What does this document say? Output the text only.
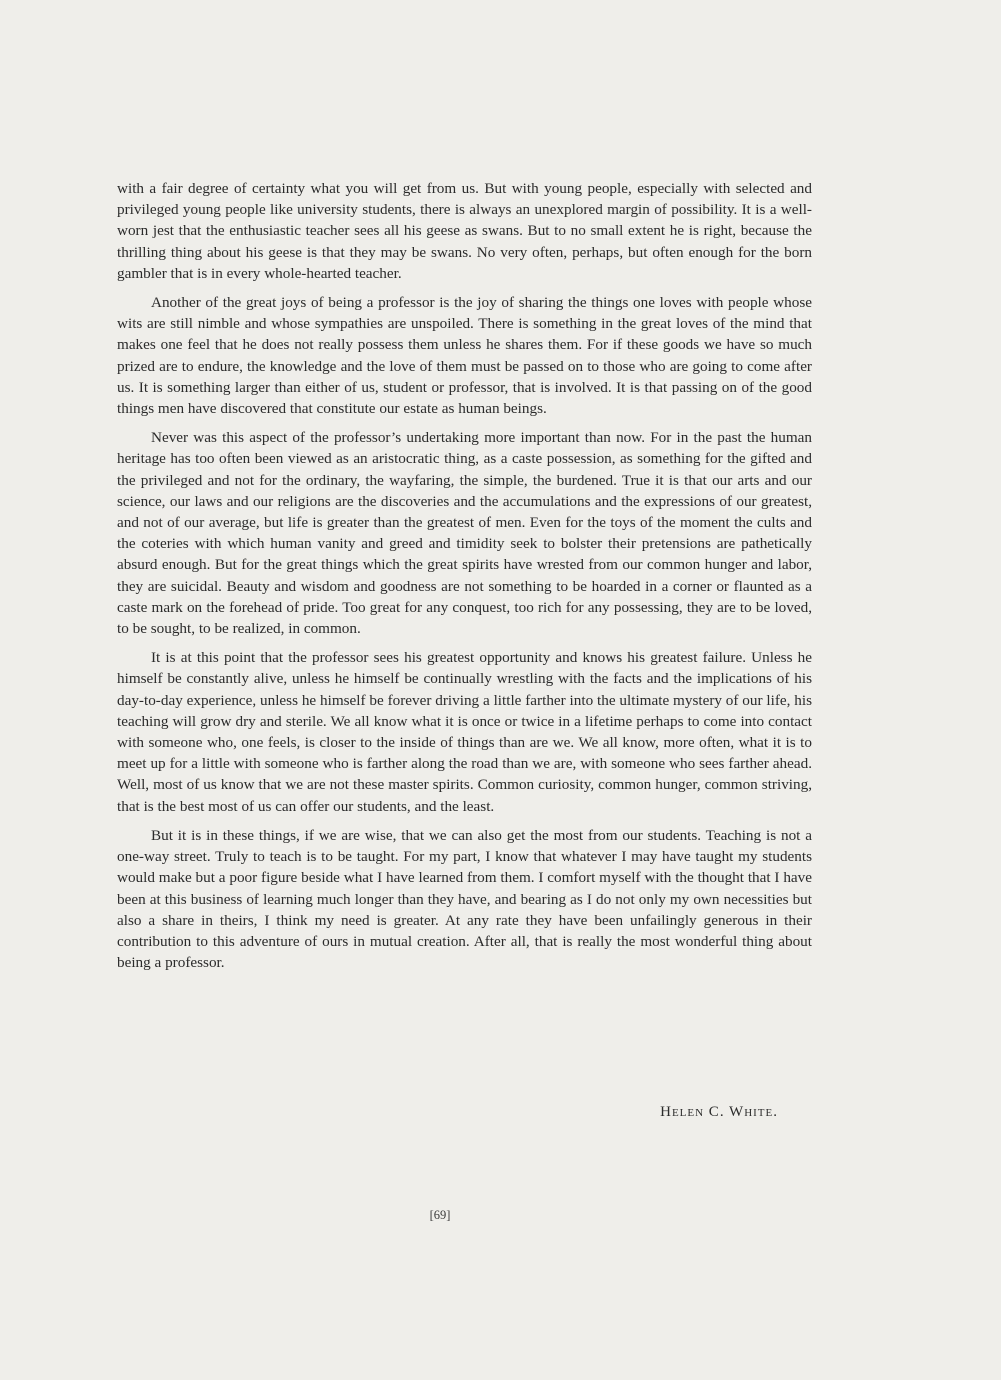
with a fair degree of certainty what you will get from us. But with young people, especially with selected and privileged young people like university students, there is always an unexplored margin of possibility. It is a well-worn jest that the enthusiastic teacher sees all his geese as swans. But to no small extent he is right, because the thrilling thing about his geese is that they may be swans. No very often, perhaps, but often enough for the born gambler that is in every whole-hearted teacher.

Another of the great joys of being a professor is the joy of sharing the things one loves with people whose wits are still nimble and whose sympathies are unspoiled. There is something in the great loves of the mind that makes one feel that he does not really possess them unless he shares them. For if these goods we have so much prized are to endure, the knowledge and the love of them must be passed on to those who are going to come after us. It is something larger than either of us, student or professor, that is involved. It is that passing on of the good things men have discovered that constitute our estate as human beings.

Never was this aspect of the professor’s undertaking more important than now. For in the past the human heritage has too often been viewed as an aristocratic thing, as a caste possession, as something for the gifted and the privileged and not for the ordinary, the wayfaring, the simple, the burdened. True it is that our arts and our science, our laws and our religions are the discoveries and the accumulations and the expressions of our greatest, and not of our average, but life is greater than the greatest of men. Even for the toys of the moment the cults and the coteries with which human vanity and greed and timidity seek to bolster their pretensions are pathetically absurd enough. But for the great things which the great spirits have wrested from our common hunger and labor, they are suicidal. Beauty and wisdom and goodness are not something to be hoarded in a corner or flaunted as a caste mark on the forehead of pride. Too great for any conquest, too rich for any possessing, they are to be loved, to be sought, to be realized, in common.

It is at this point that the professor sees his greatest opportunity and knows his greatest failure. Unless he himself be constantly alive, unless he himself be continually wrestling with the facts and the implications of his day-to-day experience, unless he himself be forever driving a little farther into the ultimate mystery of our life, his teaching will grow dry and sterile. We all know what it is once or twice in a lifetime perhaps to come into contact with someone who, one feels, is closer to the inside of things than are we. We all know, more often, what it is to meet up for a little with someone who is farther along the road than we are, with someone who sees farther ahead. Well, most of us know that we are not these master spirits. Common curiosity, common hunger, common striving, that is the best most of us can offer our students, and the least.

But it is in these things, if we are wise, that we can also get the most from our students. Teaching is not a one-way street. Truly to teach is to be taught. For my part, I know that whatever I may have taught my students would make but a poor figure beside what I have learned from them. I comfort myself with the thought that I have been at this business of learning much longer than they have, and bearing as I do not only my own necessities but also a share in theirs, I think my need is greater. At any rate they have been unfailingly generous in their contribution to this adventure of ours in mutual creation. After all, that is really the most wonderful thing about being a professor.

Helen C. White.
[69]
